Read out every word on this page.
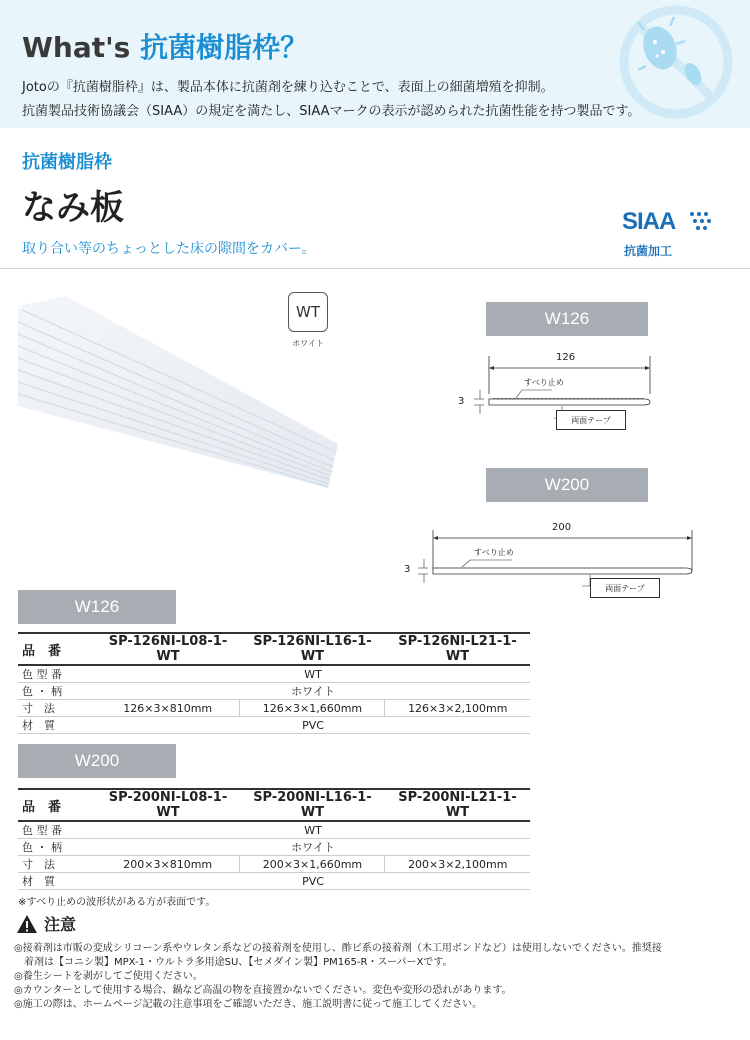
What's 抗菌樹脂枠？
Jotoの『抗菌樹脂枠』は、製品本体に抗菌剤を練り込むことで、表面上の細菌増殖を抑制。
抗菌製品技術協議会（SIAA）の規定を満たし、SIAAマークの表示が認められた抗菌性能を持つ製品です。
抗菌樹脂枠
なみ板
取り合い等のちょっとした床の隙間をカバー。
SIAA
抗菌加工
WT
ホワイト
W126
126
3
すべり止め
両面テープ
W200
200
3
すべり止め
両面テープ
W126
品　番	SP-126NI-L08-1-WT	SP-126NI-L16-1-WT	SP-126NI-L21-1-WT
色 型 番	WT		
色 ・ 柄	ホワイト		
寸　法	126×3×810mm	126×3×1,660mm	126×3×2,100mm
材　質	PVC		
W200
品　番	SP-200NI-L08-1-WT	SP-200NI-L16-1-WT	SP-200NI-L21-1-WT
色 型 番	WT		
色 ・ 柄	ホワイト		
寸　法	200×3×810mm	200×3×1,660mm	200×3×2,100mm
材　質	PVC		
※すべり止めの波形状がある方が表面です。
注意
◎接着剤は市販の変成シリコーン系やウレタン系などの接着剤を使用し、酢ビ系の接着剤（木工用ボンドなど）は使用しないでください。推奨接
　着剤は【コニシ製】MPX-1・ウルトラ多用途SU、【セメダイン製】PM165-R・スーパーXです。
◎養生シートを剥がしてご使用ください。
◎カウンターとして使用する場合、鍋など高温の物を直接置かないでください。変色や変形の恐れがあります。
◎施工の際は、ホームページ記載の注意事項をご確認いただき、施工説明書に従って施工してください。
